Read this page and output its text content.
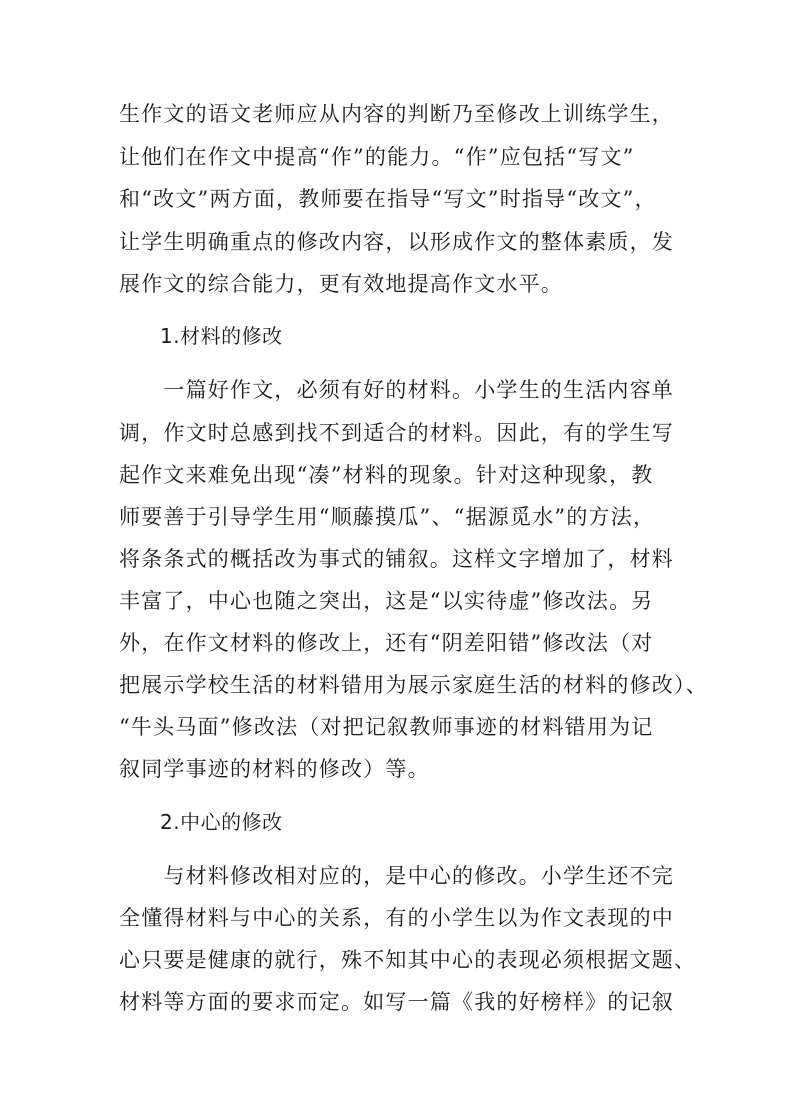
生作文的语文老师应从内容的判断乃至修改上训练学生，
让他们在作文中提高“作”的能力。“作”应包括“写文”
和“改文”两方面，教师要在指导“写文”时指导“改文”，
让学生明确重点的修改内容，以形成作文的整体素质，发
展作文的综合能力，更有效地提高作文水平。
1.材料的修改
　　一篇好作文，必须有好的材料。小学生的生活内容单
调，作文时总感到找不到适合的材料。因此，有的学生写
起作文来难免出现“凑”材料的现象。针对这种现象，教
师要善于引导学生用“顺藤摸瓜”、“据源觅水”的方法，
将条条式的概括改为事式的铺叙。这样文字增加了，材料
丰富了，中心也随之突出，这是“以实待虚”修改法。另
外，在作文材料的修改上，还有“阴差阳错”修改法（对
把展示学校生活的材料错用为展示家庭生活的材料的修改）、
“牛头马面”修改法（对把记叙教师事迹的材料错用为记
叙同学事迹的材料的修改）等。
2.中心的修改
　　与材料修改相对应的，是中心的修改。小学生还不完
全懂得材料与中心的关系，有的小学生以为作文表现的中
心只要是健康的就行，殊不知其中心的表现必须根据文题、
材料等方面的要求而定。如写一篇《我的好榜样》的记叙
